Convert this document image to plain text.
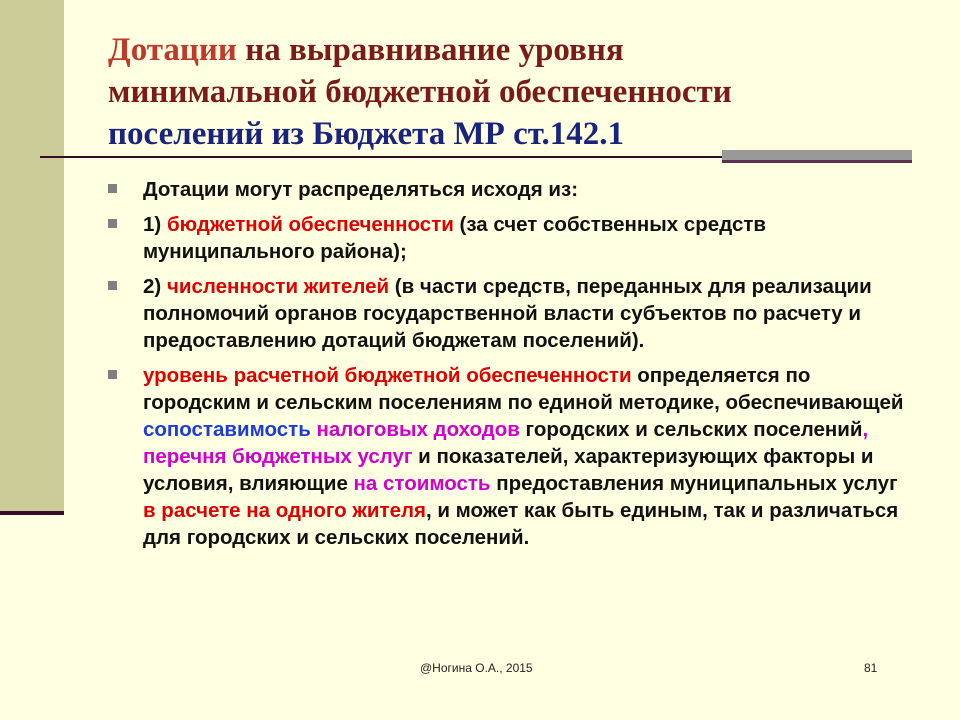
Дотации на выравнивание уровня
минимальной бюджетной обеспеченности
поселений из Бюджета МР ст.142.1
Дотации могут распределяться исходя из:
1) бюджетной обеспеченности (за счет собственных средств муниципального района);
2) численности жителей (в части средств, переданных для реализации полномочий органов государственной власти субъектов по расчету и предоставлению дотаций бюджетам поселений).
уровень расчетной бюджетной обеспеченности определяется по городским и сельским поселениям по единой методике, обеспечивающей сопоставимость налоговых доходов городских и сельских поселений, перечня бюджетных услуг и показателей, характеризующих факторы и условия, влияющие на стоимость предоставления муниципальных услуг в расчете на одного жителя, и может как быть единым, так и различаться для городских и сельских поселений.
@Ногина О.А., 2015	81
